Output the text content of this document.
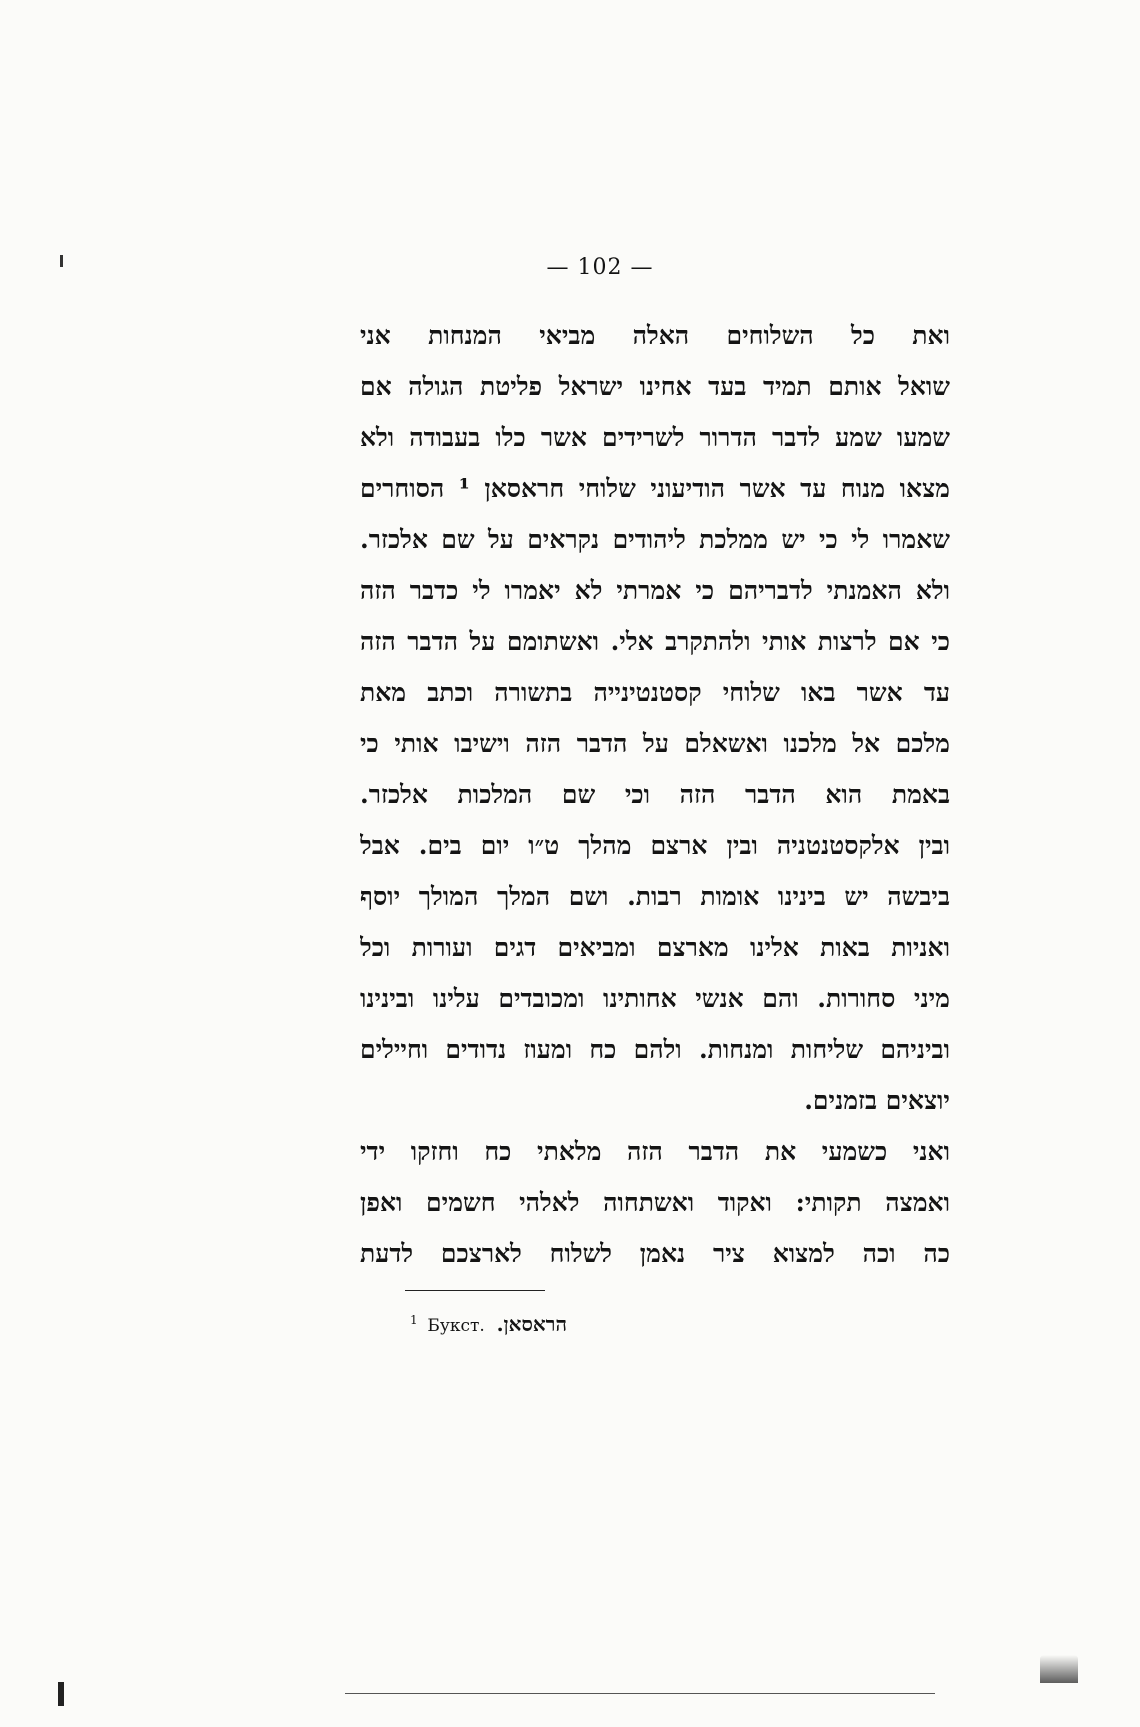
— 102 —
ואת כל השלוחים האלה מביאי המנחות אני
שואל אותם תמיד בעד אחינו ישראל פליטת הגולה אם
שמעו שמע לדבר הדרור לשרידים אשר כלו בעבודה ולא
מצאו מנוח עד אשר הודיעוני שלוחי חראסאן ¹ הסוחרים
שאמרו לי כי יש ממלכת ליהודים נקראים על שם אלכזר.
ולא האמנתי לדבריהם כי אמרתי לא יאמרו לי כדבר הזה
כי אם לרצות אותי ולהתקרב אלי. ואשתומם על הדבר הזה
עד אשר באו שלוחי קסטנטינייה בתשורה וכתב מאת
מלכם אל מלכנו ואשאלם על הדבר הזה וישיבו אותי כי
באמת הוא הדבר הזה וכי שם המלכות אלכזר.
ובין אלקסטנטניה ובין ארצם מהלך ט״ו יום בים. אבל
ביבשה יש בינינו אומות רבות. ושם המלך המולך יוסף
ואניות באות אלינו מארצם ומביאים דגים ועורות וכל
מיני סחורות. והם אנשי אחותינו ומכובדים עלינו ובינינו
וביניהם שליחות ומנחות. ולהם כח ומעוז נדודים וחיילים
יוצאים בזמנים.
ואני כשמעי את הדבר הזה מלאתי כח וחזקו ידי
ואמצה תקותי: ואקוד ואשתחוה לאלהי חשמים ואפן
כה וכה למצוא ציר נאמן לשלוח לארצכם לדעת
$^1$ Букст. הראסאן.
